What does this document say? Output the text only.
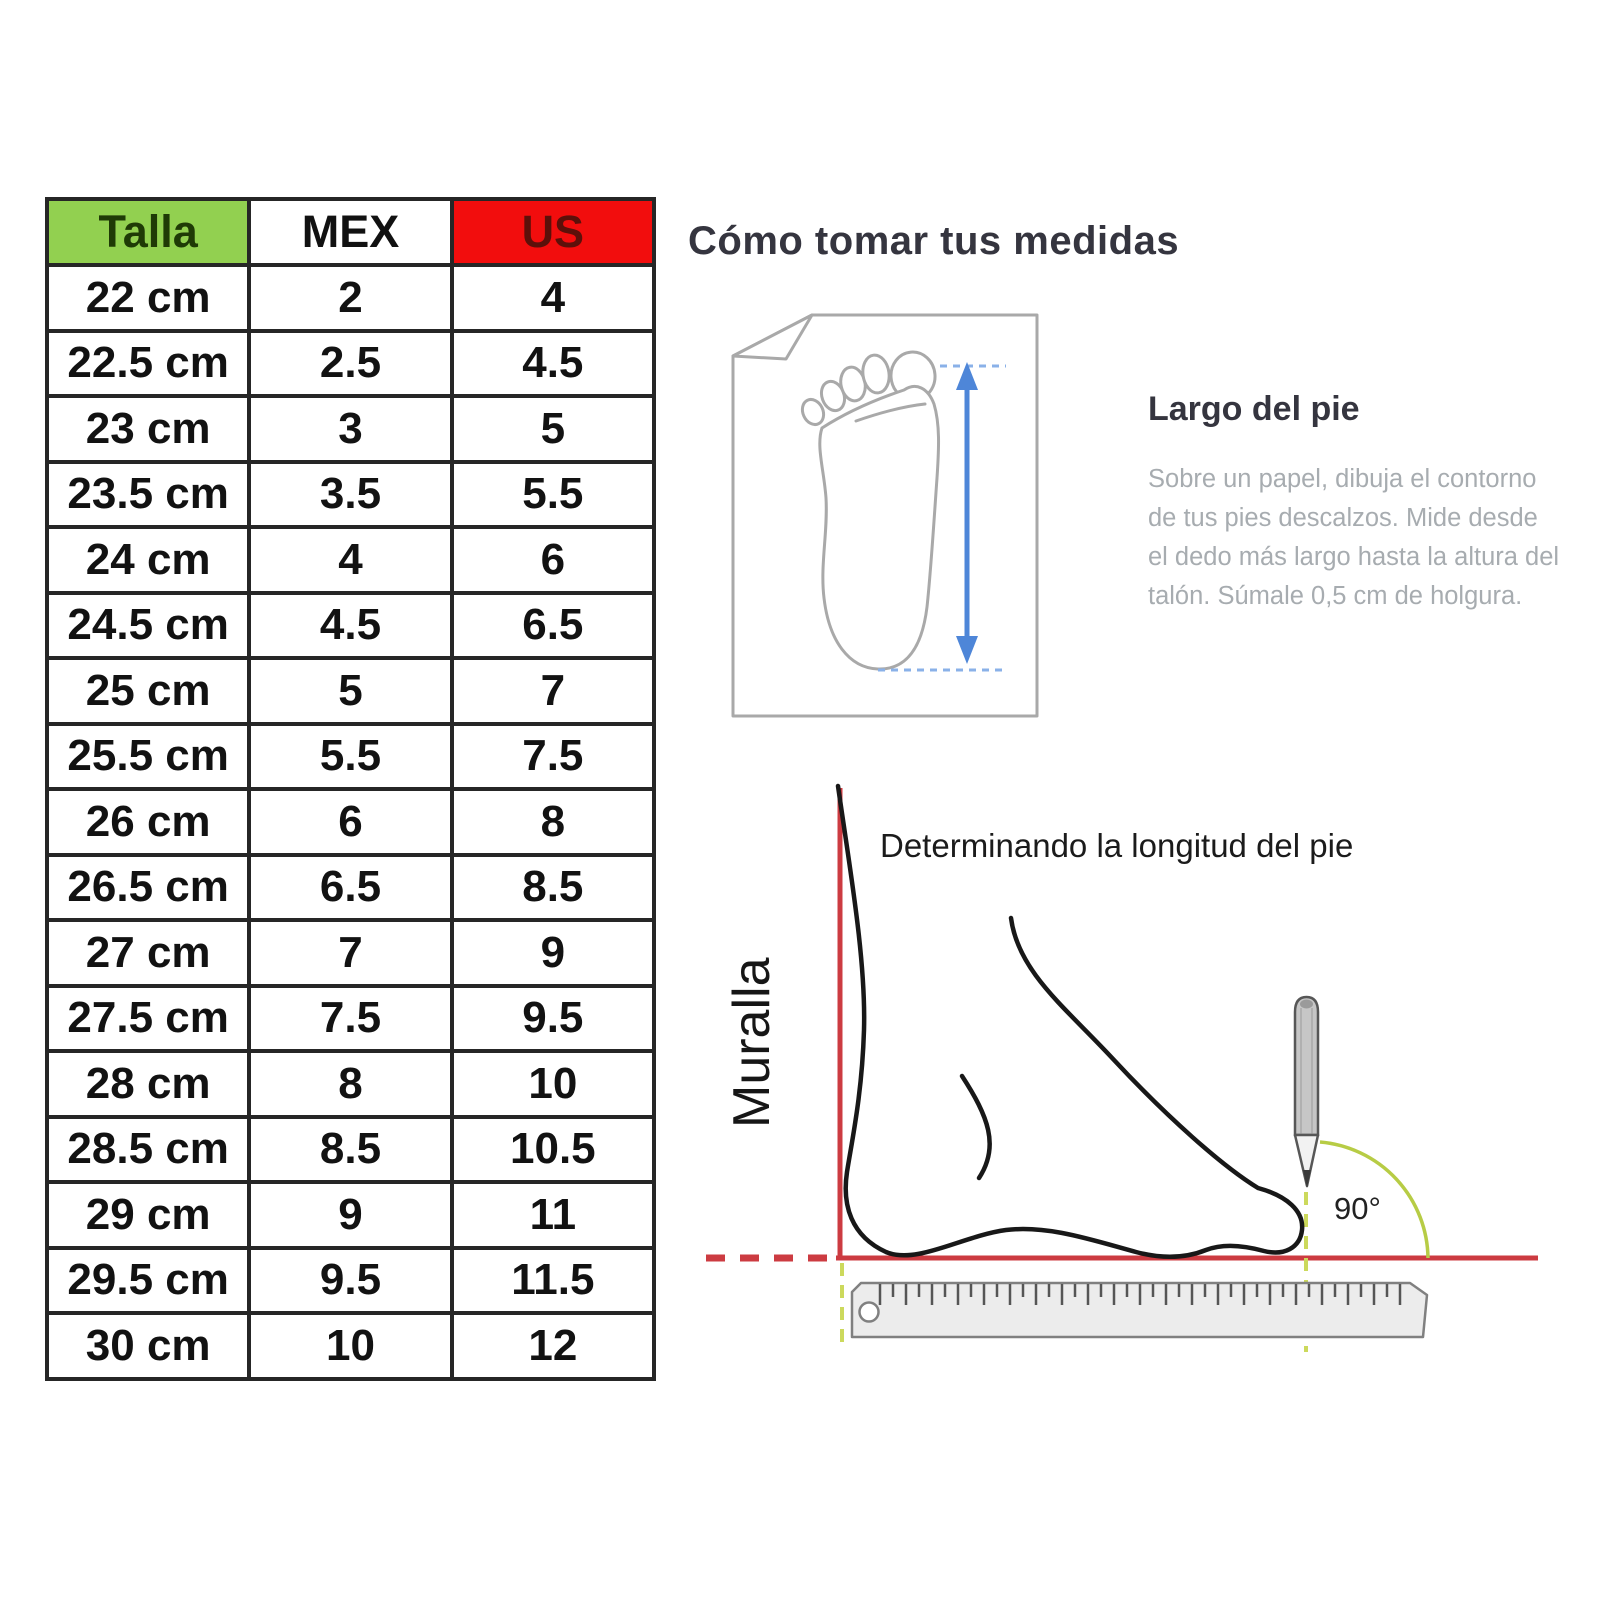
Talla	MEX	US
22 cm	2	4
22.5 cm	2.5	4.5
23 cm	3	5
23.5 cm	3.5	5.5
24 cm	4	6
24.5 cm	4.5	6.5
25 cm	5	7
25.5 cm	5.5	7.5
26 cm	6	8
26.5 cm	6.5	8.5
27 cm	7	9
27.5 cm	7.5	9.5
28 cm	8	10
28.5 cm	8.5	10.5
29 cm	9	11
29.5 cm	9.5	11.5
30 cm	10	12
Cómo tomar tus medidas
Largo del pie
Sobre un papel, dibuja el contorno de tus pies descalzos. Mide desde el dedo más largo hasta la altura del talón. Súmale 0,5 cm de holgura.
Determinando la longitud del pie
Muralla
90°
